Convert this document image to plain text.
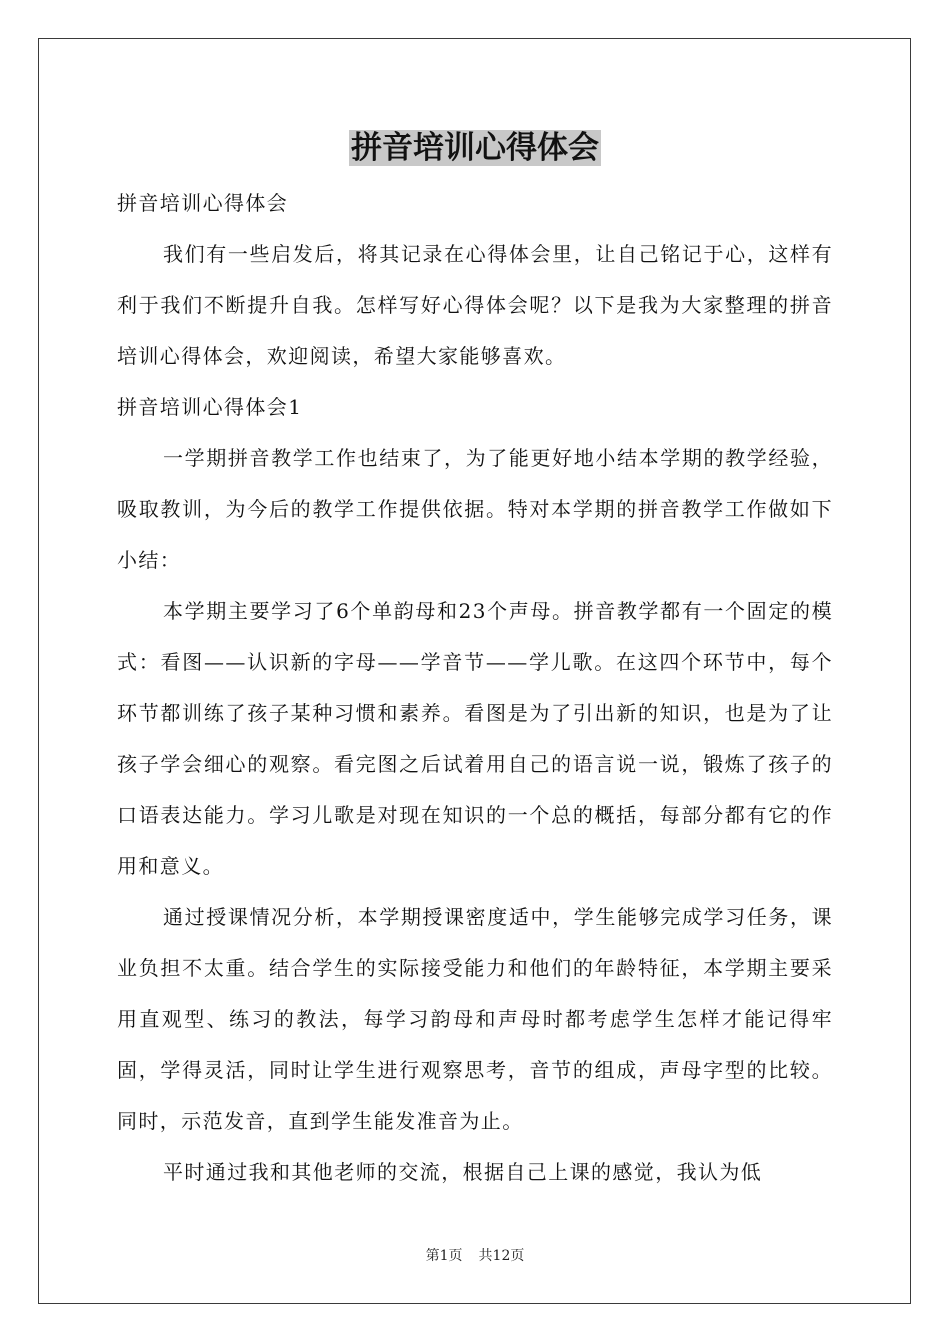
拼音培训心得体会

拼音培训心得体会

我们有一些启发后，将其记录在心得体会里，让自己铭记于心，这样有利于我们不断提升自我。怎样写好心得体会呢？以下是我为大家整理的拼音培训心得体会，欢迎阅读，希望大家能够喜欢。

拼音培训心得体会1

一学期拼音教学工作也结束了，为了能更好地小结本学期的教学经验，吸取教训，为今后的教学工作提供依据。特对本学期的拼音教学工作做如下小结：

本学期主要学习了6个单韵母和23个声母。拼音教学都有一个固定的模式：看图——认识新的字母——学音节——学儿歌。在这四个环节中，每个环节都训练了孩子某种习惯和素养。看图是为了引出新的知识，也是为了让孩子学会细心的观察。看完图之后试着用自己的语言说一说，锻炼了孩子的口语表达能力。学习儿歌是对现在知识的一个总的概括，每部分都有它的作用和意义。

通过授课情况分析，本学期授课密度适中，学生能够完成学习任务，课业负担不太重。结合学生的实际接受能力和他们的年龄特征，本学期主要采用直观型、练习的教法，每学习韵母和声母时都考虑学生怎样才能记得牢固，学得灵活，同时让学生进行观察思考，音节的组成，声母字型的比较。同时，示范发音，直到学生能发准音为止。

平时通过我和其他老师的交流，根据自己上课的感觉，我认为低

第1页 共12页
